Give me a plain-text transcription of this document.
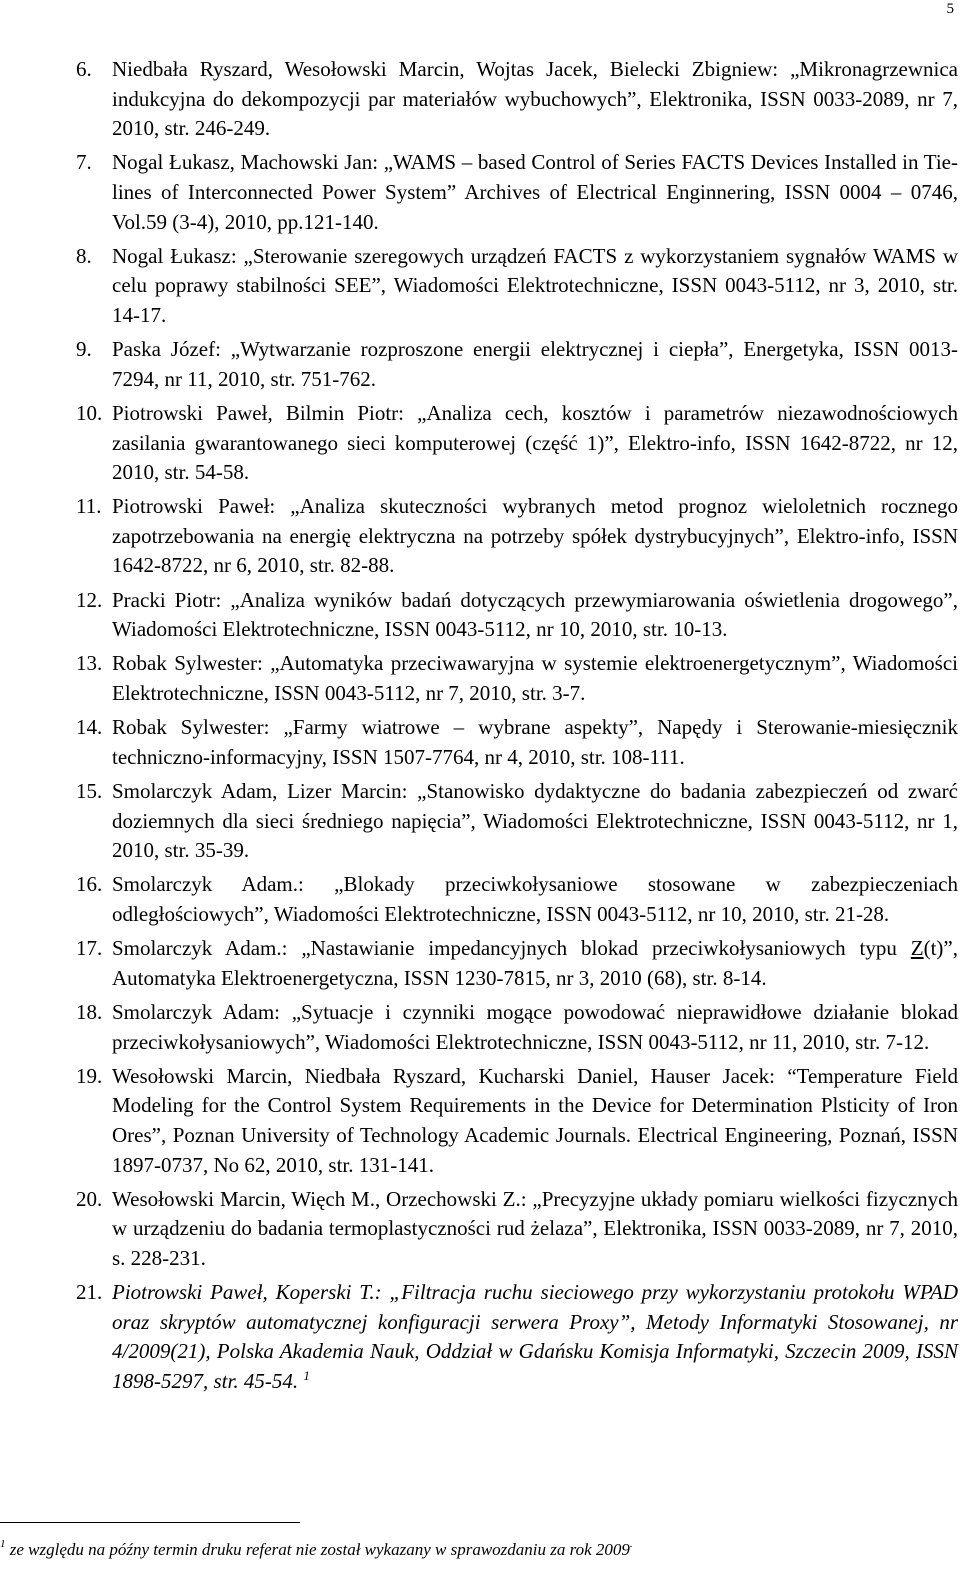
5
6. Niedbała Ryszard, Wesołowski Marcin, Wojtas Jacek, Bielecki Zbigniew: „Mikronagrzewnica indukcyjna do dekompozycji par materiałów wybuchowych”, Elektronika, ISSN 0033-2089, nr 7, 2010, str. 246-249.
7. Nogal Łukasz, Machowski Jan: „WAMS – based Control of Series FACTS Devices Installed in Tie-lines of Interconnected Power System” Archives of Electrical Enginnering, ISSN 0004 – 0746, Vol.59 (3-4), 2010, pp.121-140.
8. Nogal Łukasz: „Sterowanie szeregowych urządzeń FACTS z wykorzystaniem sygnałów WAMS w celu poprawy stabilności SEE”, Wiadomości Elektrotechniczne, ISSN 0043-5112, nr 3, 2010, str. 14-17.
9. Paska Józef: „Wytwarzanie rozproszone energii elektrycznej i ciepła”, Energetyka, ISSN 0013-7294, nr 11, 2010, str. 751-762.
10. Piotrowski Paweł, Bilmin Piotr: „Analiza cech, kosztów i parametrów niezawodnościowych zasilania gwarantowanego sieci komputerowej (część 1)”, Elektro-info, ISSN 1642-8722, nr 12, 2010, str. 54-58.
11. Piotrowski Paweł: „Analiza skuteczności wybranych metod prognoz wieloletnich rocznego zapotrzebowania na energię elektryczna na potrzeby spółek dystrybucyjnych”, Elektro-info, ISSN 1642-8722, nr 6, 2010, str. 82-88.
12. Pracki Piotr: „Analiza wyników badań dotyczących przewymiarowania oświetlenia drogowego”, Wiadomości Elektrotechniczne, ISSN 0043-5112, nr 10, 2010, str. 10-13.
13. Robak Sylwester: „Automatyka przeciwawaryjna w systemie elektroenergetycznym”, Wiadomości Elektrotechniczne, ISSN 0043-5112, nr 7, 2010, str. 3-7.
14. Robak Sylwester: „Farmy wiatrowe – wybrane aspekty”, Napędy i Sterowanie-miesięcznik techniczno-informacyjny, ISSN 1507-7764, nr 4, 2010, str. 108-111.
15. Smolarczyk Adam, Lizer Marcin: „Stanowisko dydaktyczne do badania zabezpieczeń od zwarć doziemnych dla sieci średniego napięcia”, Wiadomości Elektrotechniczne, ISSN 0043-5112, nr 1, 2010, str. 35-39.
16. Smolarczyk Adam.: „Blokady przeciwkołysaniowe stosowane w zabezpieczeniach odległościowych”, Wiadomości Elektrotechniczne, ISSN 0043-5112, nr 10, 2010, str. 21-28.
17. Smolarczyk Adam.: „Nastawianie impedancyjnych blokad przeciwkołysaniowych typu Z(t)”, Automatyka Elektroenergetyczna, ISSN 1230-7815, nr 3, 2010 (68), str. 8-14.
18. Smolarczyk Adam: „Sytuacje i czynniki mogące powodować nieprawidłowe działanie blokad przeciwkołysaniowych”, Wiadomości Elektrotechniczne, ISSN 0043-5112, nr 11, 2010, str. 7-12.
19. Wesołowski Marcin, Niedbała Ryszard, Kucharski Daniel, Hauser Jacek: “Temperature Field Modeling for the Control System Requirements in the Device for Determination Plsticity of Iron Ores”, Poznan University of Technology Academic Journals. Electrical Engineering, Poznań, ISSN 1897-0737, No 62, 2010, str. 131-141.
20. Wesołowski Marcin, Więch M., Orzechowski Z.: „Precyzyjne układy pomiaru wielkości fizycznych w urządzeniu do badania termoplastyczności rud żelaza”, Elektronika, ISSN 0033-2089, nr 7, 2010, s. 228-231.
21. Piotrowski Paweł, Koperski T.: „Filtracja ruchu sieciowego przy wykorzystaniu protokołu WPAD oraz skryptów automatycznej konfiguracji serwera Proxy”, Metody Informatyki Stosowanej, nr 4/2009(21), Polska Akademia Nauk, Oddział w Gdańsku Komisja Informatyki, Szczecin 2009, ISSN 1898-5297, str. 45-54. $^1$
$^1$ ze względu na późny termin druku referat nie został wykazany w sprawozdaniu za rok 2009.
